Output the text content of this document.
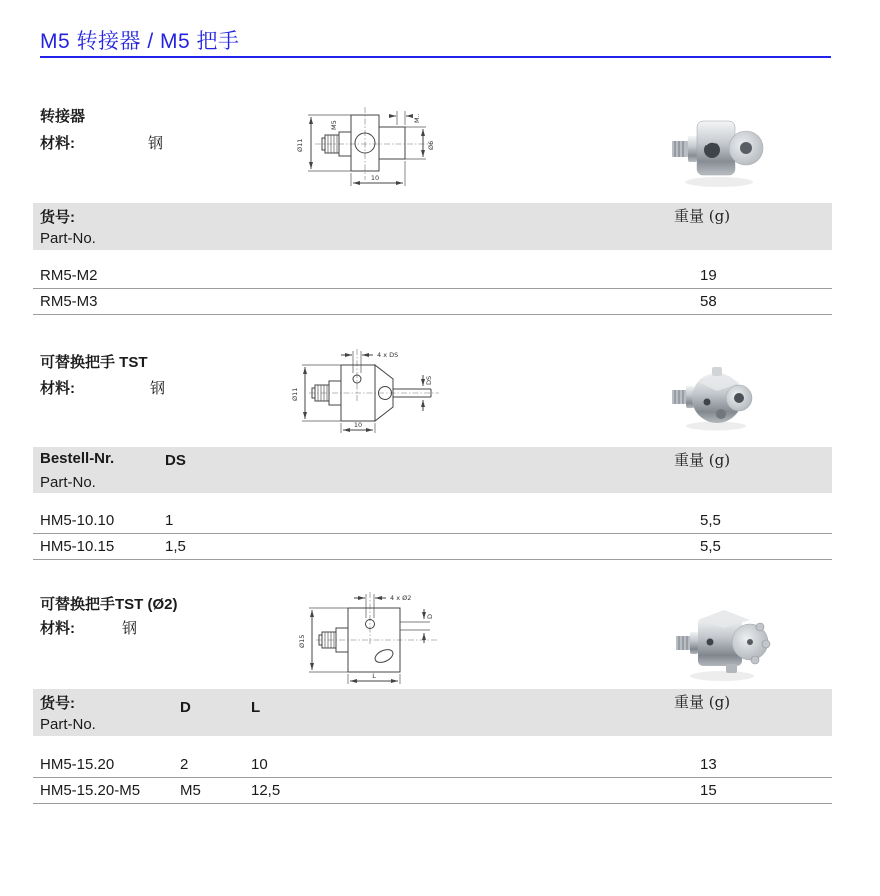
M5 转接器 / M5 把手
转接器
材料:	钢	Ø11
M5
M..
Ø6
10
货号:
Part-No.
重量 (g)
RM5-M2	19
RM5-M3	58
可替换把手 TST
材料:	钢
4 x DS
Ø11
DS
10
Bestell-Nr.
Part-No.
DS	重量 (g)
HM5-10.10	1	5,5
HM5-10.15	1,5	5,5
可替换把手TST (Ø2)
材料:	钢
4 x Ø2
Ø15
D
L
货号:
Part-No.
D	L	重量 (g)
HM5-15.20	2	10	13
HM5-15.20-M5	M5	12,5	15
